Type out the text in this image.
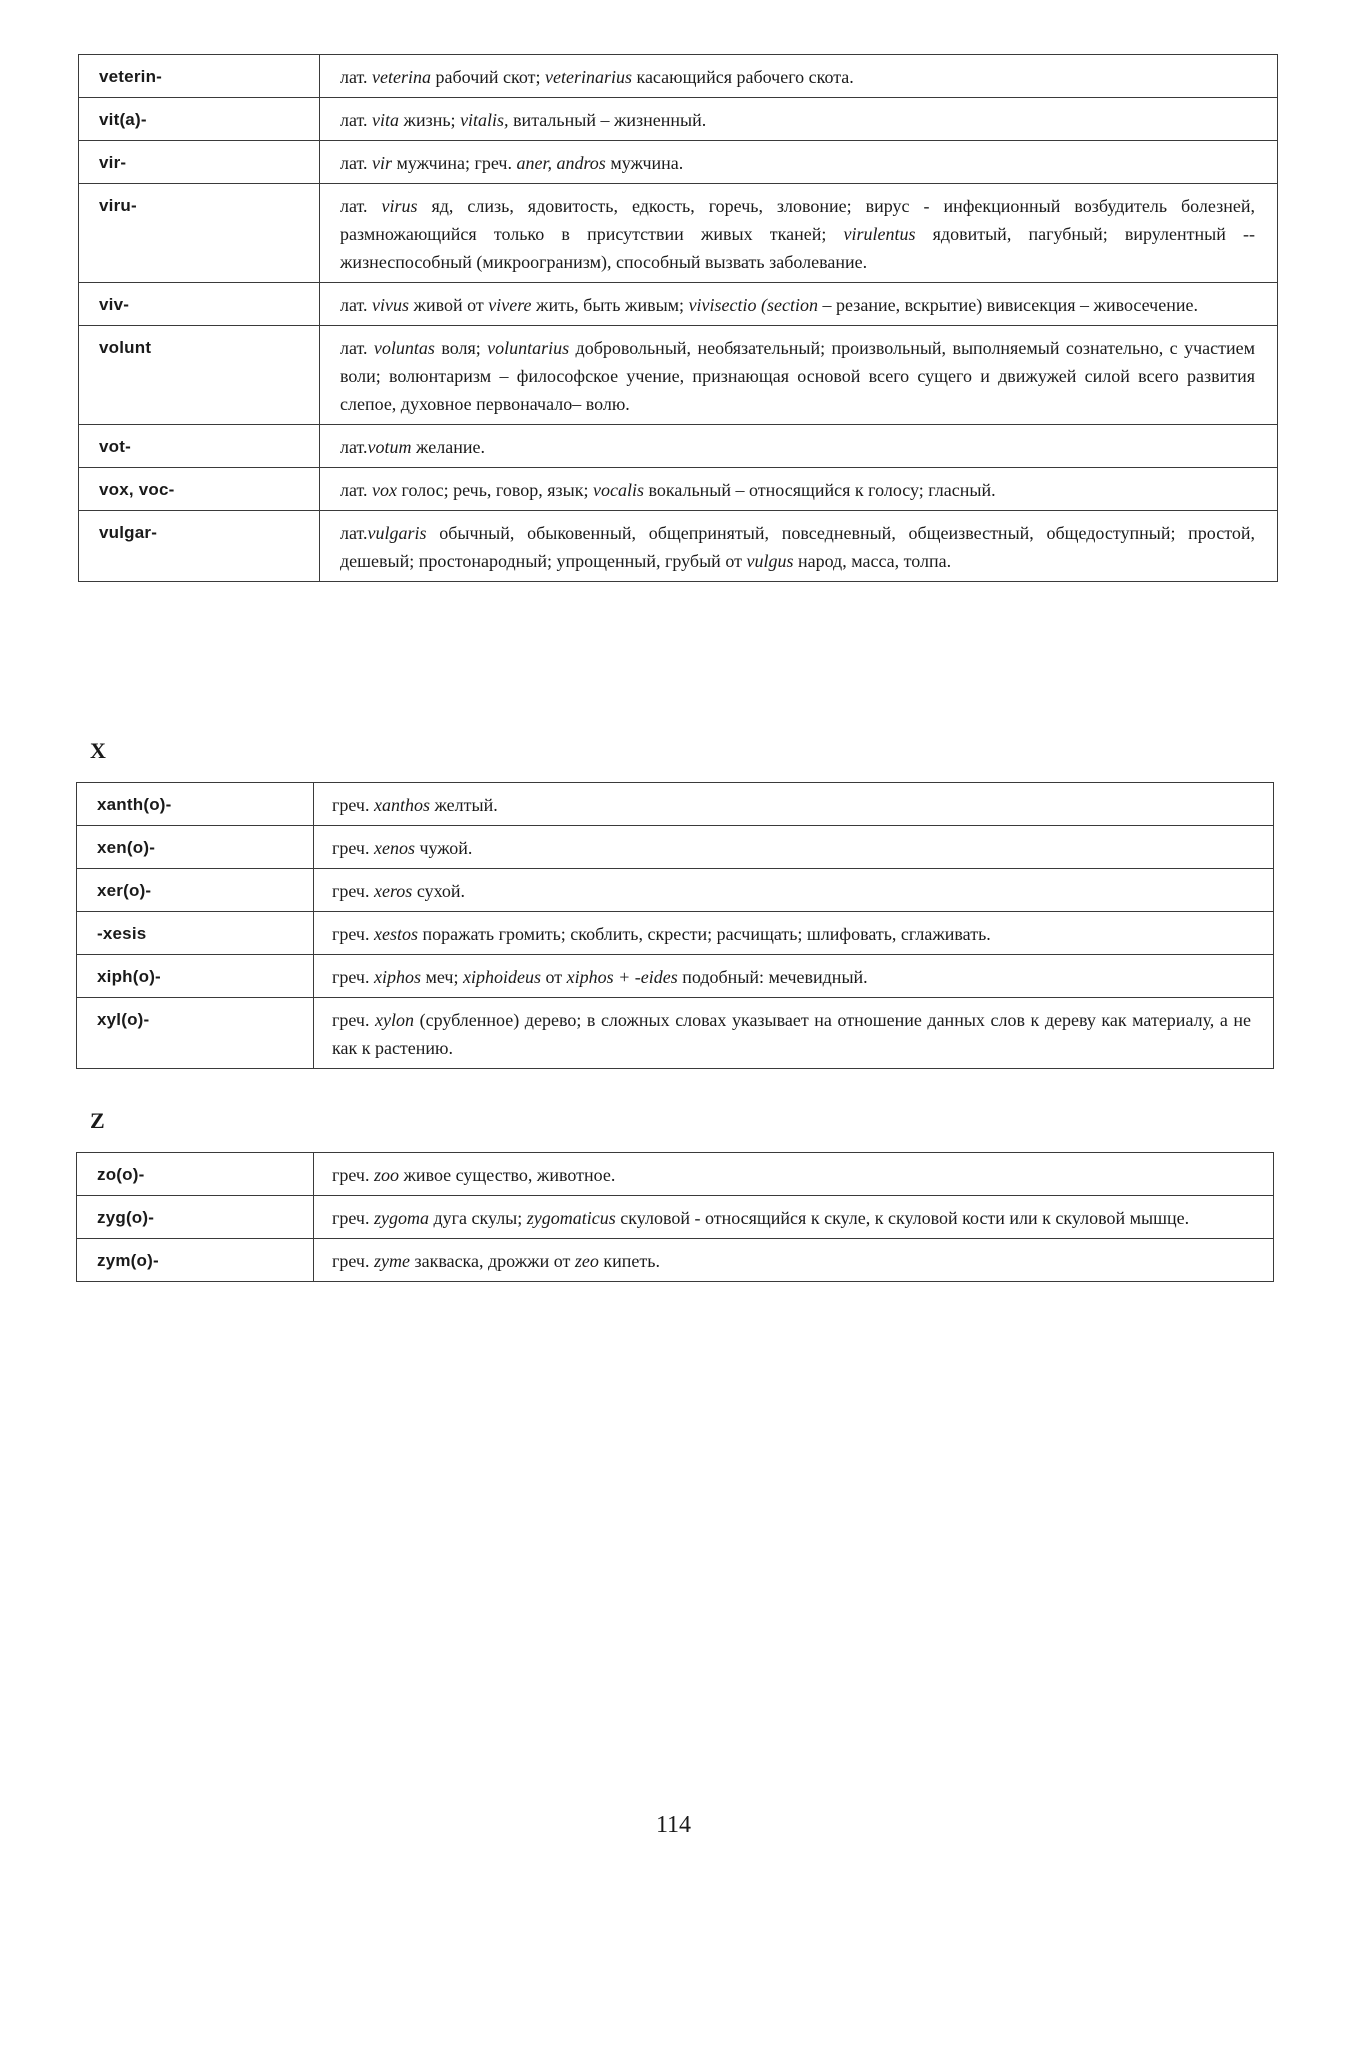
veterin-	лат. veterina рабочий скот; veterinarius касающийся рабочего скота.
vit(a)-	лат. vita жизнь; vitalis, витальный – жизненный.
vir-	лат. vir мужчина; греч. aner, andros мужчина.
viru-	лат. virus яд, слизь, ядовитость, едкость, горечь, зловоние; вирус - инфекционный возбудитель болезней, размножающийся только в присутствии живых тканей; virulentus ядовитый, пагубный; вирулентный -- жизнеспособный (микроогранизм), способный вызвать заболевание.
viv-	лат. vivus живой от vivere жить, быть живым; vivisectio (section – резание, вскрытие) вивисекция – живосечение.
volunt	лат. voluntas воля; voluntarius добровольный, необязательный; произвольный, выполняемый сознательно, с участием воли; волюнтаризм – философское учение, признающая основой всего сущего и движужей силой всего развития слепое, духовное первоначало– волю.
vot-	лат.votum желание.
vox, voc-	лат. vox голос; речь, говор, язык; vocalis вокальный – относящийся к голосу; гласный.
vulgar-	лат.vulgaris обычный, обыковенный, общепринятый, повседневный, общеизвестный, общедоступный; простой, дешевый; простонародный; упрощенный, грубый от vulgus народ, масса, толпа.
X
xanth(o)-	греч. xanthos желтый.
xen(o)-	греч. xenos чужой.
xer(o)-	греч. xeros сухой.
-xesis	греч. xestos поражать громить; скоблить, скрести; расчищать; шлифовать, сглаживать.
xiph(o)-	греч. xiphos меч; xiphoideus от xiphos + -eides подобный: мечевидный.
xyl(o)-	греч. xylon (срубленное) дерево; в сложных словах указывает на отношение данных слов к дереву как материалу, а не как к растению.
Z
zo(o)-	греч. zoo живое существо, животное.
zyg(o)-	греч. zygoma дуга скулы; zygomaticus скуловой - относящийся к скуле, к скуловой кости или к скуловой мышце.
zym(o)-	греч. zyme закваска, дрожжи от zeo кипеть.
114
